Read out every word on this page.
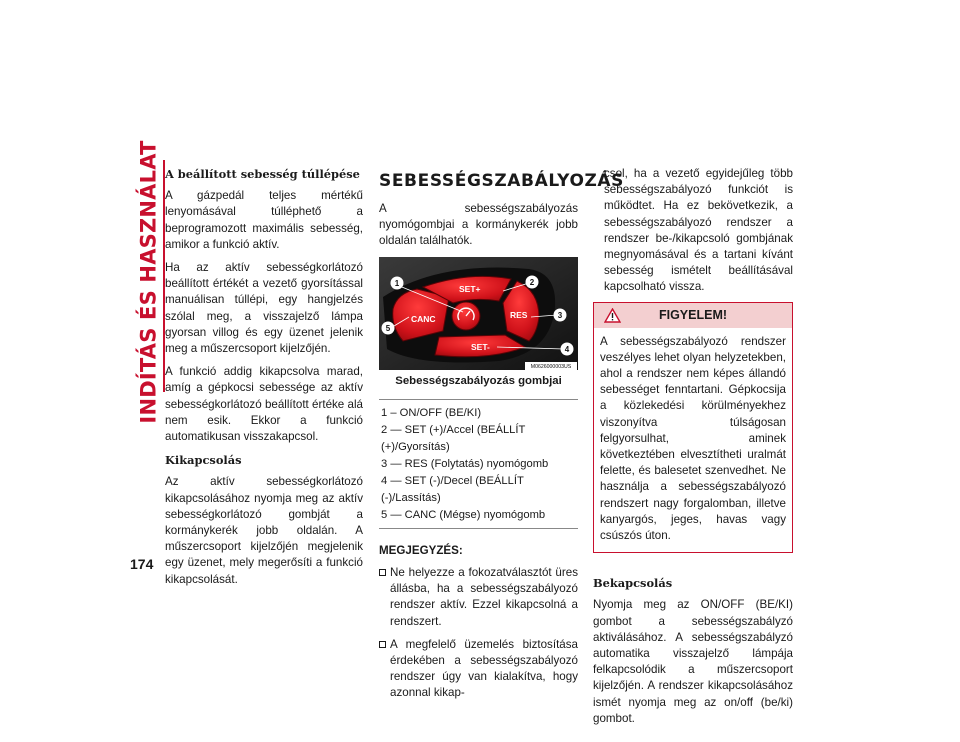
INDÍTÁS ÉS HASZNÁLAT A beállított sebesség túllépése
A gázpedál teljes mértékű lenyomásával túlléphető a beprogramozott maximális sebesség, amikor a funkció aktív.
Ha az aktív sebességkorlátozó beállított értékét a vezető gyorsítással manuálisan túllépi, egy hangjelzés szólal meg, a visszajelző lámpa gyorsan villog és egy üzenet jelenik meg a műszercsoport kijelzőjén.
A funkció addig kikapcsolva marad, amíg a gépkocsi sebessége az aktív sebességkorlátozó beállított értéke alá nem esik. Ekkor a funkció automatikusan visszakapcsol.
Kikapcsolás
Az aktív sebességkorlátozó kikapcsolásához nyomja meg az aktív sebességkorlátozó gombját a kormánykerék jobb oldalán. A műszercsoport kijelzőjén megjelenik egy üzenet, mely megerősíti a funkció kikapcsolását.
SEBESSÉGSZABÁLYOZÁS
A sebességszabályozás nyomógombjai a kormánykerék jobb oldalán találhatók.
SET+
RES
CANC
SET-
1	2
3
4
5
M0626000003US
Sebességszabályozás gombjai
1 – ON/OFF (BE/KI)
2 — SET (+)/Accel (BEÁLLÍT (+)/Gyorsítás)
3 — RES (Folytatás) nyomógomb
4 — SET (-)/Decel (BEÁLLÍT (-)/Lassítás)
5 — CANC (Mégse) nyomógomb
MEGJEGYZÉS:
Ne helyezze a fokozatválasztót üres állásba, ha a sebességszabályozó rendszer aktív. Ezzel kikapcsolná a rendszert.
A megfelelő üzemelés biztosítása érdekében a sebességszabályozó rendszer úgy van kialakítva, hogy azonnal kikap-
csol, ha a vezető egyidejűleg több sebességszabályozó funkciót is működtet. Ha ez bekövetkezik, a sebességszabályozó rendszer a rendszer be-/kikapcsoló gombjának megnyomásával és a tartani kívánt sebesség ismételt beállításával kapcsolható vissza.
FIGYELEM!
A sebességszabályozó rendszer veszélyes lehet olyan helyzetekben, ahol a rendszer nem képes állandó sebességet fenntartani. Gépkocsija a közlekedési körülményekhez viszonyítva túlságosan felgyorsulhat, aminek következtében elvesztítheti uralmát felette, és balesetet szenvedhet. Ne használja a sebességszabályozó rendszert nagy forgalomban, illetve kanyargós, jeges, havas vagy csúszós úton.
Bekapcsolás
Nyomja meg az ON/OFF (BE/KI) gombot a sebességszabályzó aktiválásához. A sebességszabályzó automatika visszajelző lámpája felkapcsolódik a műszercsoport kijelzőjén. A rendszer kikapcsolásához ismét nyomja meg az on/off (be/ki) gombot.
174
